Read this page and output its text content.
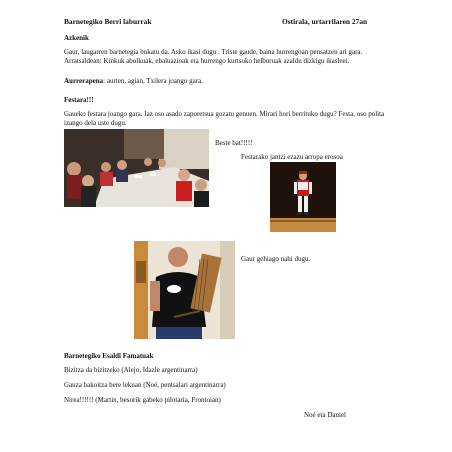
Barnetegiko Berri laburrak	Ostirala, urtarrilaren 27an
Azkenik
Gaur, laugarren barnetegia bukatu da. Asko ikasi dugu . Triste gaude, baina hurrengoan pensatzen ari gara. Arratsaldean: Kinkuk abolkuak, ebaluazioak eta hurrengo kurtsoko helburuak azaldu dizkigu ikasleei.
Aurrerapena: aurten, agian, Txilera joango gara.
Festara!!!
Gaueko festara joango gara. Iaz oso asado zaporetsua gozatu genuen. Mirari hori berrituko dugu? Festa, oso polita izango dela uste dugu.
Beste bat!!!!!
Festarako jantzi ezazu arropa erosoa
Gaur gehiago nahi dugu.
Barnetegiko Esaldi Famatuak
Bizitza da bizitzeko (Alejo, Idazle argentinarra)
Gauza bakoitza bere lekuan (Noé, pentsalari argentinarra)
Nirea!!!!!! (Martin, besorik gabeko pilotaria, Frontoian)
Noé eta Daniel
